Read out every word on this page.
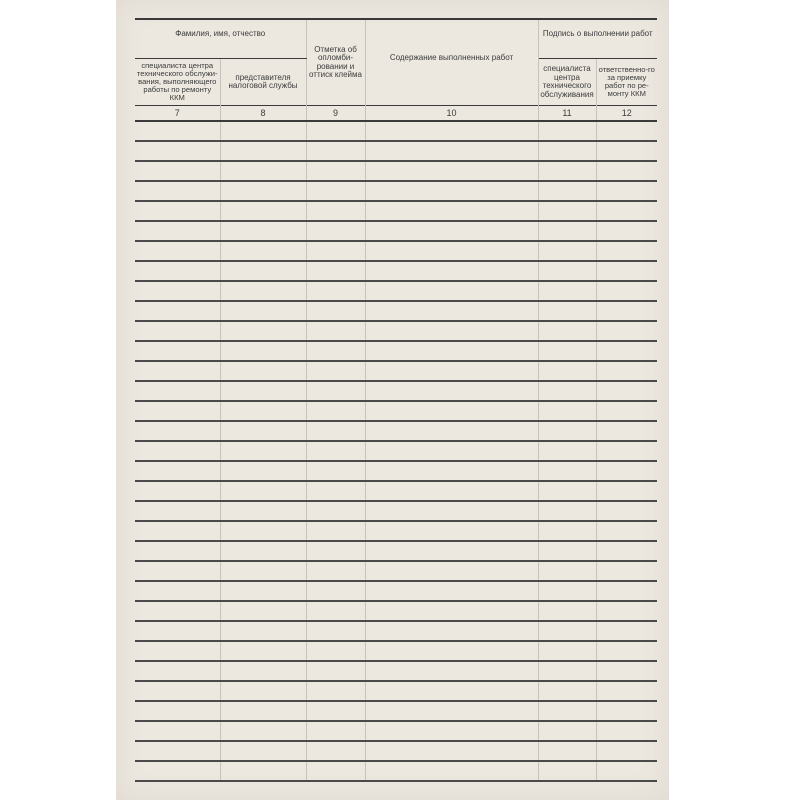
Фамилия, имя, отчество		Отметка об опломби-ровании и оттиск клейма	Содержание выполненных работ	Подпись о выполнении работ	
специалиста центра технического обслужи-вания, выполняющего работы по ремонту ККМ	представителя налоговой службы			специалиста центра технического обслуживания	ответственно-го за приемку работ по ре-монту ККМ
7	8	9	10	11	12
